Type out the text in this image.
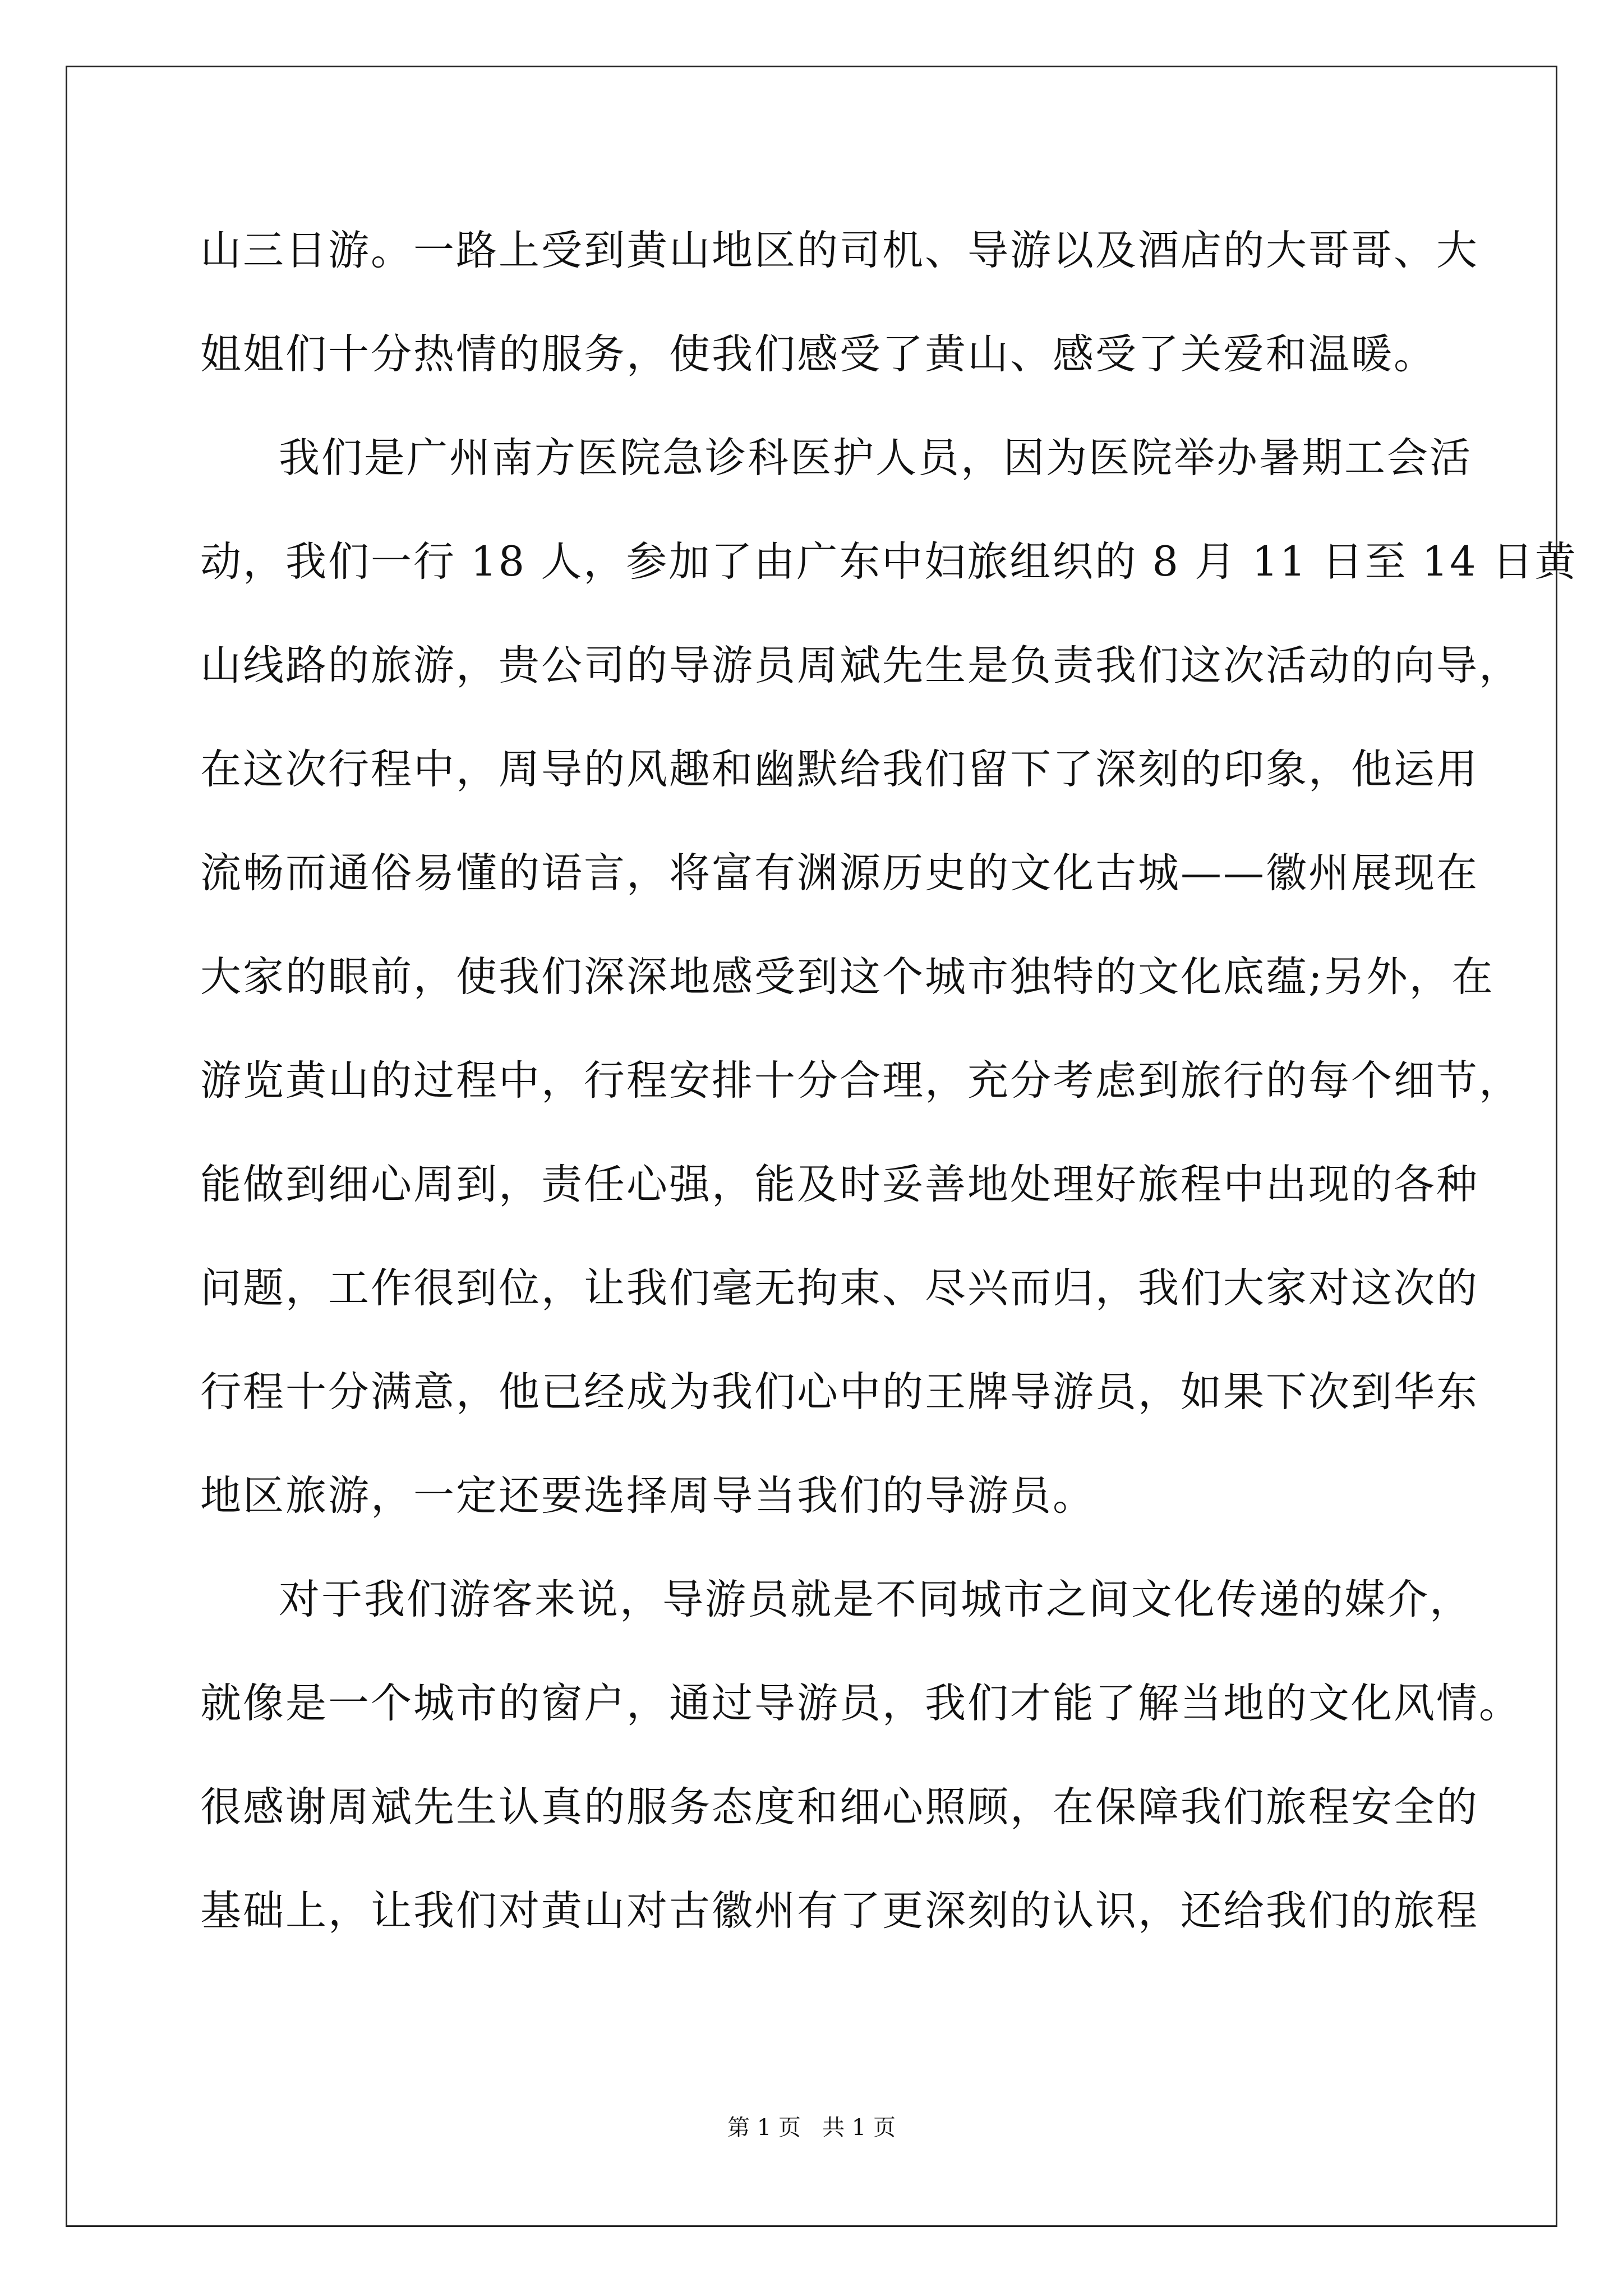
山三日游。一路上受到黄山地区的司机、导游以及酒店的大哥哥、大
姐姐们十分热情的服务，使我们感受了黄山、感受了关爱和温暖。
我们是广州南方医院急诊科医护人员，因为医院举办暑期工会活
动，我们一行 18 人，参加了由广东中妇旅组织的 8 月 11 日至 14 日黄
山线路的旅游，贵公司的导游员周斌先生是负责我们这次活动的向导，
在这次行程中，周导的风趣和幽默给我们留下了深刻的印象，他运用
流畅而通俗易懂的语言，将富有渊源历史的文化古城——徽州展现在
大家的眼前，使我们深深地感受到这个城市独特的文化底蕴;另外，在
游览黄山的过程中，行程安排十分合理，充分考虑到旅行的每个细节，
能做到细心周到，责任心强，能及时妥善地处理好旅程中出现的各种
问题，工作很到位，让我们毫无拘束、尽兴而归，我们大家对这次的
行程十分满意，他已经成为我们心中的王牌导游员，如果下次到华东
地区旅游，一定还要选择周导当我们的导游员。
对于我们游客来说，导游员就是不同城市之间文化传递的媒介，
就像是一个城市的窗户，通过导游员，我们才能了解当地的文化风情。
很感谢周斌先生认真的服务态度和细心照顾，在保障我们旅程安全的
基础上，让我们对黄山对古徽州有了更深刻的认识，还给我们的旅程
第 1 页   共 1 页
